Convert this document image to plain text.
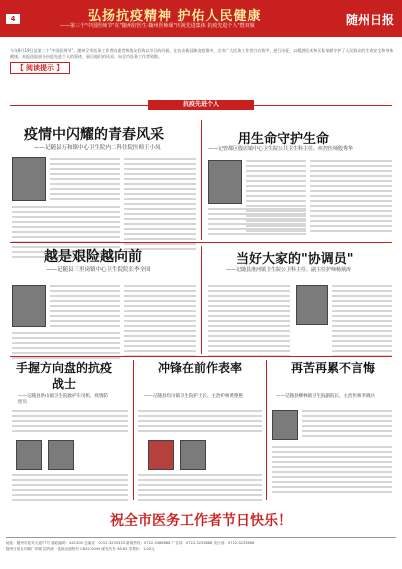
4	弘扬抗疫精神 护佑人民健康
——第三个"中国医师节"在"随州好医生·随州医师颂"庆祝先进集体 抗疫先进个人"暨双颁	随州日报
今年8月19日是第三个"中国医师节"，随州全市医务工作者向患者和战友们致以节日的问候。在抗击新冠肺炎疫情中，全市广大医务工作者白衣执甲、逆行出征，以精湛医术和无私奉献守护了人民群众的生命安全和身体健康。本报选取部分抗疫先进个人的事迹，展示他们的风采，向全市医务工作者致敬。
【 阅读提示 】
抗疫先进个人
疫情中闪耀的青春风采
——记随县万和镇中心卫生院内二科住院医师王小凤
用生命守护生命
——记曾都区殷店镇中心卫生院公共卫生科主任、疾控医师殷秀华
越是艰险越向前
——记随县三里岗镇中心卫生院院长李全国
当好大家的"协调员"
——记随县淮河镇卫生院公卫科主任、副主任护师杨炳涛
手握方向盘的抗疫战士
——记随县洪山镇卫生院救护车司机、疫情防控员
冲锋在前作表率
——记随县均川镇卫生院护士长、主治护师黄艳艳
再苦再累不言悔
——记随县柳林镇卫生院副院长、主治医师李晓兵
祝全市医务工作者节日快乐！
地址：随州市迎宾大道77号 邮政编码：441300 总编室：0722-3233333 新闻热线：0722-3366666 广告部：0722-3233888 发行部：0722-3233666
随州日报社印刷厂印刷 国内统一连续出版物号 CN42-0049 邮发代号 38-63 零售价：1.00元
